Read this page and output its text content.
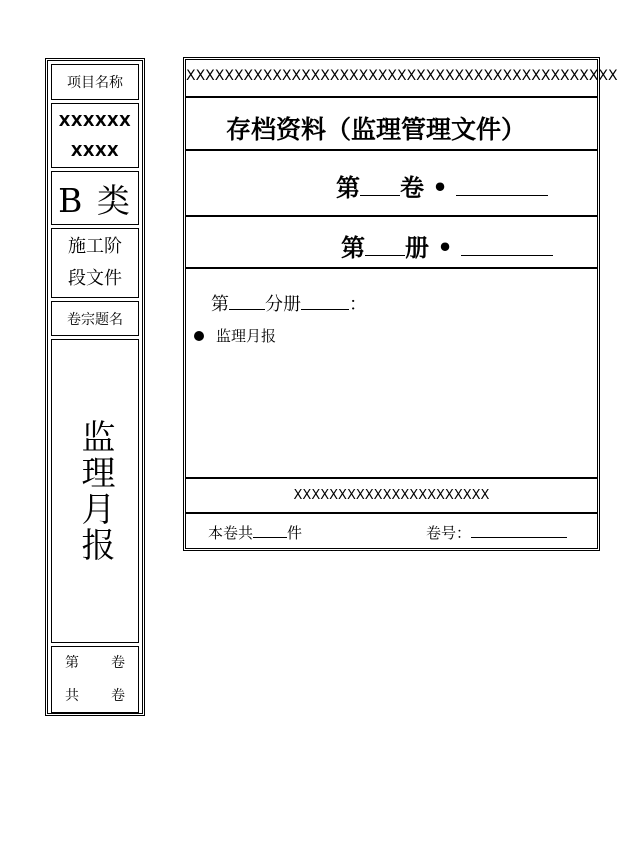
项目名称
XXXXXXXXXX
B 类
施工阶段文件
卷宗题名
监理月报
第 卷
共 卷
XXXXXXXXXXXXXXXXXXXXXXXXXXXXXXXXXXXXXXXXXXXXX
存档资料（监理管理文件）
第 卷 •
第 册 •
第 分册	：
监理月报
XXXXXXXXXXXXXXXXXXXXXX
本卷共 件	卷号：
